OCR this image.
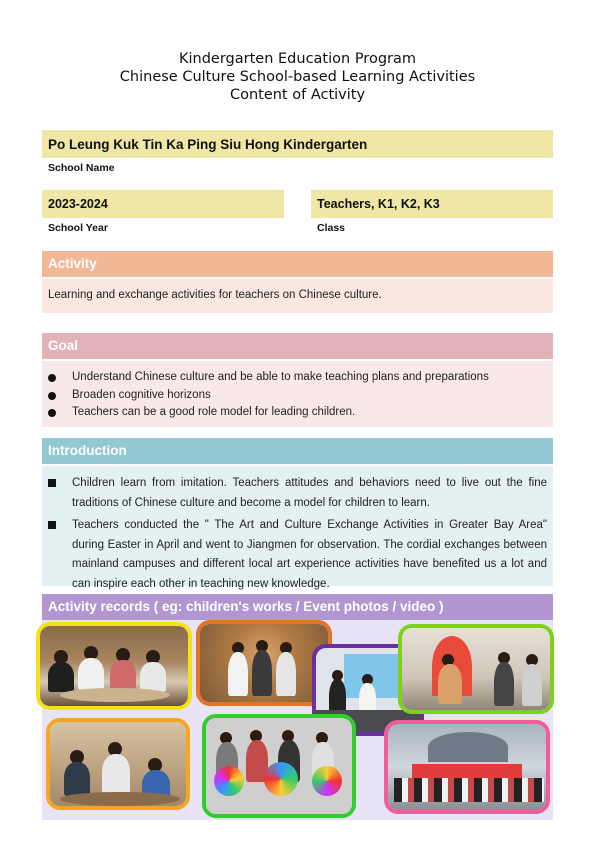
Kindergarten Education Program
Chinese Culture School-based Learning Activities
Content of Activity
Po Leung Kuk Tin Ka Ping Siu Hong Kindergarten
School Name
2023-2024
School Year
Teachers, K1, K2, K3
Class
Activity
Learning and exchange activities for teachers on Chinese culture.
Goal
Understand Chinese culture and be able to make teaching plans and preparations
Broaden cognitive horizons
Teachers can be a good role model for leading children.
Introduction
Children learn from imitation. Teachers attitudes and behaviors need to live out the fine traditions of Chinese culture and become a model for children to learn.
Teachers conducted the " The Art and Culture Exchange Activities in Greater Bay Area" during Easter in April and went to Jiangmen for observation. The cordial exchanges between mainland campuses and different local art experience activities have benefited us a lot and can inspire each other in teaching new knowledge.
Activity records ( eg: children's works / Event photos / video )
